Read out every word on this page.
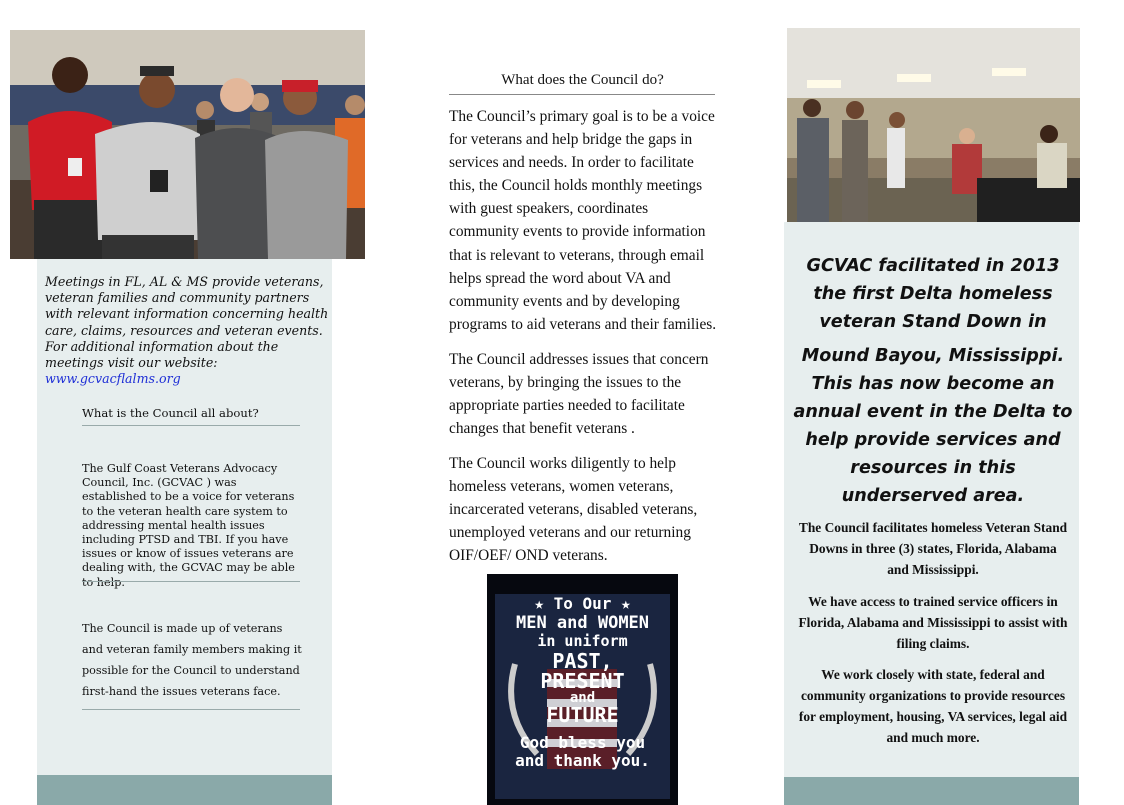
Meetings in FL, AL & MS provide veterans, veteran families and community partners with relevant information concerning health care, claims, resources and veteran events. For additional information about the meetings visit our website: www.gcvacflalms.org
What is the Council all about?
The Gulf Coast Veterans Advocacy Council, Inc. (GCVAC ) was established to be a voice for veterans to the veteran health care system to addressing mental health issues including PTSD and TBI. If you have issues or know of issues veterans are dealing with, the GCVAC may be able to help.
The Council is made up of veterans and veteran family members making it possible for the Council to understand first-hand the issues veterans face.
What does the Council do?
The Council’s primary goal is to be a voice for veterans and help bridge the gaps in services and needs. In order to facilitate this, the Council holds monthly meetings with guest speakers, coordinates community events to provide information that is relevant to veterans, through email helps spread the word about VA and community events and by developing programs to aid veterans and their families.
The Council addresses issues that concern veterans, by bringing the issues to the appropriate parties needed to facilitate changes that benefit veterans .
The Council works diligently to help homeless veterans, women veterans, incarcerated veterans, disabled veterans, unemployed veterans and our returning OIF/OEF/ OND veterans.
★ To Our ★
MEN and WOMEN
in uniform
PAST,
PRESENT
and
FUTURE
God bless you
and thank you.
GCVAC facilitated in 2013 the first Delta homeless veteran Stand Down in
Mound Bayou, Mississippi. This has now become an annual event in the Delta to help provide services and resources in this underserved area.
The Council facilitates homeless Veteran Stand Downs in three (3) states, Florida, Alabama and Mississippi.
We have access to trained service officers in Florida, Alabama and Mississippi to assist with filing claims.
We work closely with state, federal and community organizations to provide resources for employment, housing, VA services, legal aid and much more.
